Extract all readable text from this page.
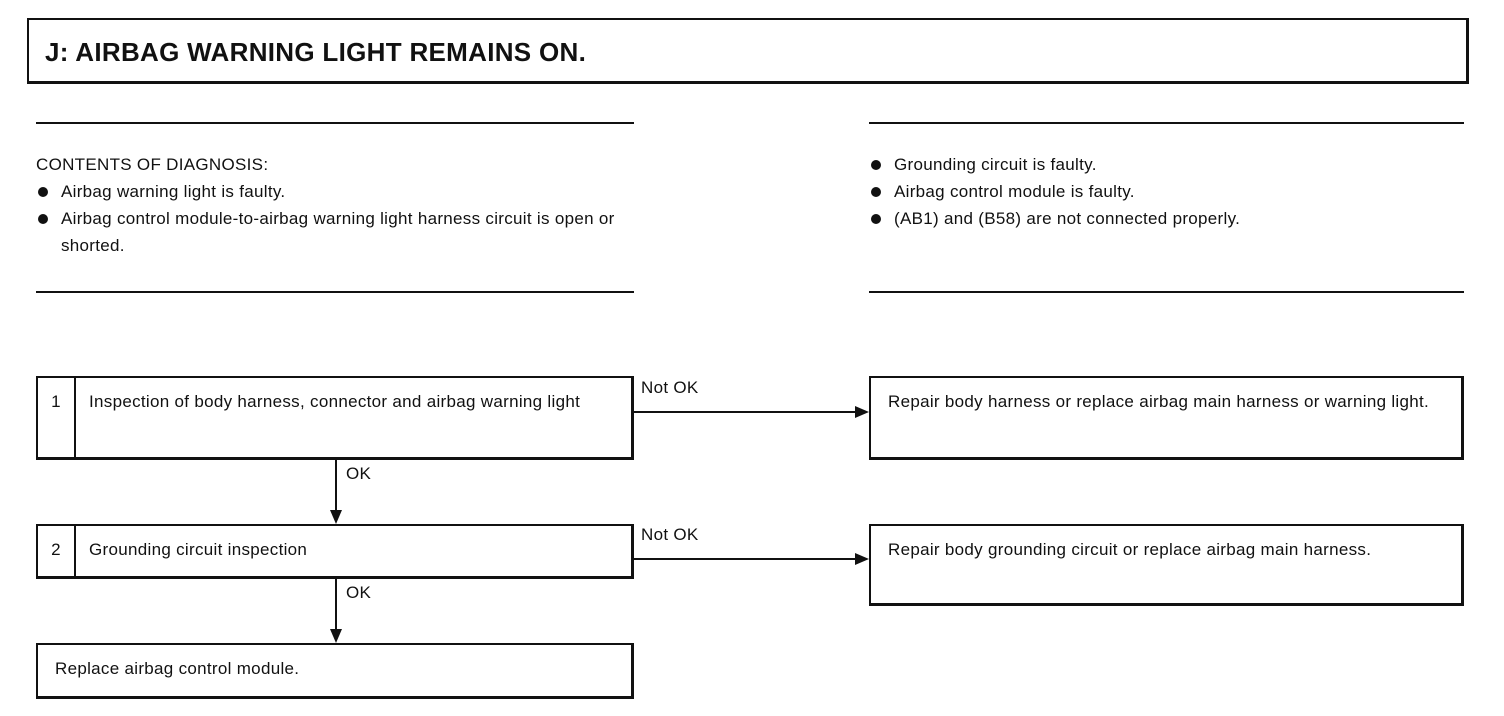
J: AIRBAG WARNING LIGHT REMAINS ON.
CONTENTS OF DIAGNOSIS:
Airbag warning light is faulty.
Airbag control module-to-airbag warning light harness circuit is open or shorted.
Grounding circuit is faulty.
Airbag control module is faulty.
(AB1) and (B58) are not connected properly.
1	Inspection of body harness, connector and airbag warning light
Not OK
Repair body harness or replace airbag main harness or warning light.
OK
2	Grounding circuit inspection
Not OK
Repair body grounding circuit or replace airbag main harness.
OK
Replace airbag control module.
